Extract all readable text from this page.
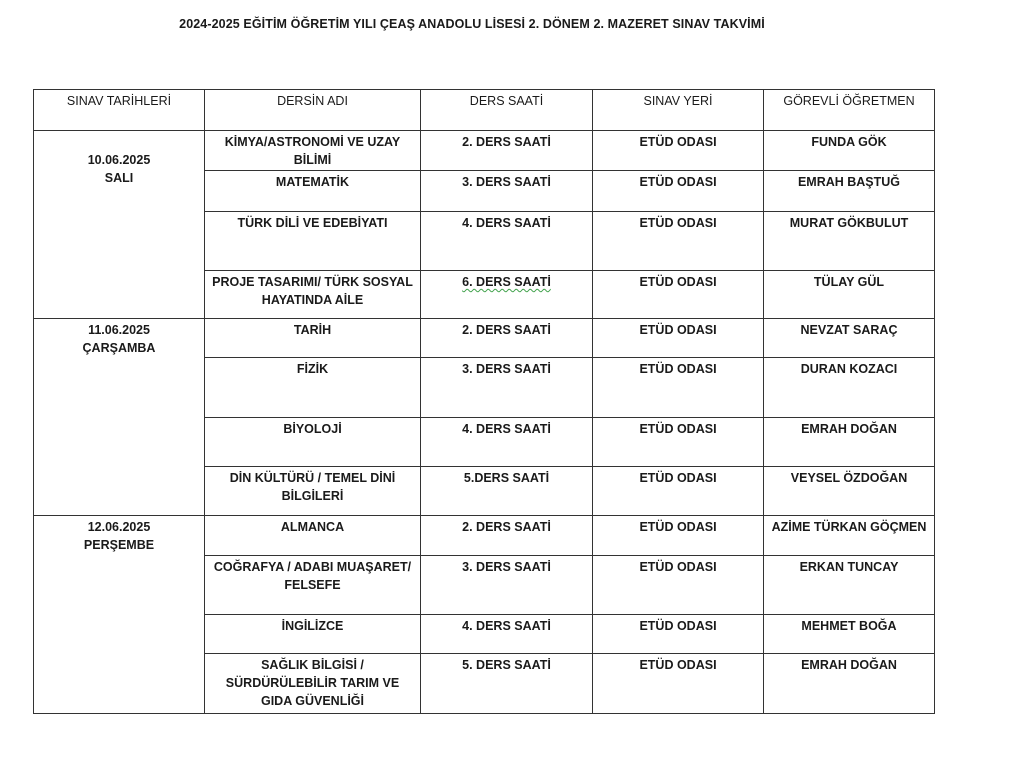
2024-2025 EĞİTİM ÖĞRETİM YILI ÇEAŞ ANADOLU LİSESİ 2. DÖNEM 2. MAZERET SINAV TAKVİMİ
SINAV TARİHLERİ	DERSİN ADI	DERS SAATİ	SINAV YERİ	GÖREVLİ ÖĞRETMEN

10.06.2025
SALI	KİMYA/ASTRONOMİ VE UZAY BİLİMİ	2. DERS SAATİ	ETÜD ODASI	FUNDA GÖK
	MATEMATİK	3. DERS SAATİ	ETÜD ODASI	EMRAH BAŞTUĞ
	TÜRK DİLİ VE EDEBİYATI	4. DERS SAATİ	ETÜD ODASI	MURAT GÖKBULUT
	PROJE TASARIMI/ TÜRK SOSYAL HAYATINDA AİLE	6. DERS SAATİ	ETÜD ODASI	TÜLAY GÜL

11.06.2025
ÇARŞAMBA	TARİH	2. DERS SAATİ	ETÜD ODASI	NEVZAT SARAÇ
	FİZİK	3. DERS SAATİ	ETÜD ODASI	DURAN KOZACI
	BİYOLOJİ	4. DERS SAATİ	ETÜD ODASI	EMRAH DOĞAN
	DİN KÜLTÜRÜ / TEMEL DİNİ BİLGİLERİ	5.DERS SAATİ	ETÜD ODASI	VEYSEL ÖZDOĞAN

12.06.2025
PERŞEMBE	ALMANCA	2. DERS SAATİ	ETÜD ODASI	AZİME TÜRKAN GÖÇMEN
	COĞRAFYA / ADABI MUAŞARET/ FELSEFE	3. DERS SAATİ	ETÜD ODASI	ERKAN TUNCAY
	İNGİLİZCE	4. DERS SAATİ	ETÜD ODASI	MEHMET BOĞA
	SAĞLIK BİLGİSİ / SÜRDÜRÜLEBİLİR TARIM VE GIDA GÜVENLİĞİ	5. DERS SAATİ	ETÜD ODASI	EMRAH DOĞAN
